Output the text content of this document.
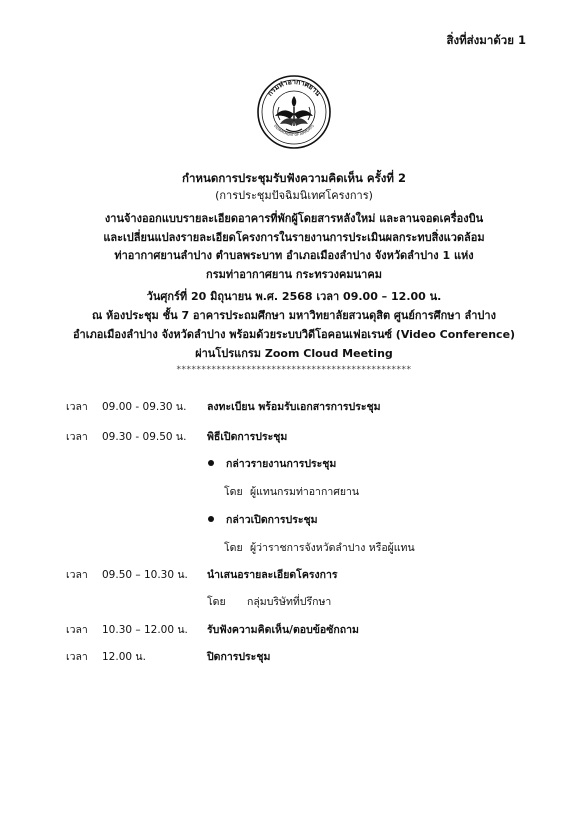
สิ่งที่ส่งมาด้วย 1
กรมท่าอากาศยาน
DEPARTMENT OF AIRPORTS
กำหนดการประชุมรับฟังความคิดเห็น ครั้งที่ 2
(การประชุมปัจฉิมนิเทศโครงการ)
งานจ้างออกแบบรายละเอียดอาคารที่พักผู้โดยสารหลังใหม่ และลานจอดเครื่องบิน
และเปลี่ยนแปลงรายละเอียดโครงการในรายงานการประเมินผลกระทบสิ่งแวดล้อม
ท่าอากาศยานลำปาง ตำบลพระบาท อำเภอเมืองลำปาง จังหวัดลำปาง 1 แห่ง
กรมท่าอากาศยาน กระทรวงคมนาคม
วันศุกร์ที่ 20 มิถุนายน พ.ศ. 2568 เวลา 09.00 – 12.00 น.
ณ ห้องประชุม ชั้น 7 อาคารประถมศึกษา มหาวิทยาลัยสวนดุสิต ศูนย์การศึกษา ลำปาง
อำเภอเมืองลำปาง จังหวัดลำปาง พร้อมด้วยระบบวิดีโอคอนเฟอเรนซ์ (Video Conference)
ผ่านโปรแกรม Zoom Cloud Meeting
***********************************************
เวลา 09.00 - 09.30 น. ลงทะเบียน พร้อมรับเอกสารการประชุม
เวลา 09.30 - 09.50 น. พิธีเปิดการประชุม
กล่าวรายงานการประชุม
โดย ผู้แทนกรมท่าอากาศยาน
กล่าวเปิดการประชุม
โดย ผู้ว่าราชการจังหวัดลำปาง หรือผู้แทน
เวลา 09.50 – 10.30 น. นำเสนอรายละเอียดโครงการ
โดย กลุ่มบริษัทที่ปรึกษา
เวลา 10.30 – 12.00 น. รับฟังความคิดเห็น/ตอบข้อซักถาม
เวลา 12.00 น.	ปิดการประชุม
